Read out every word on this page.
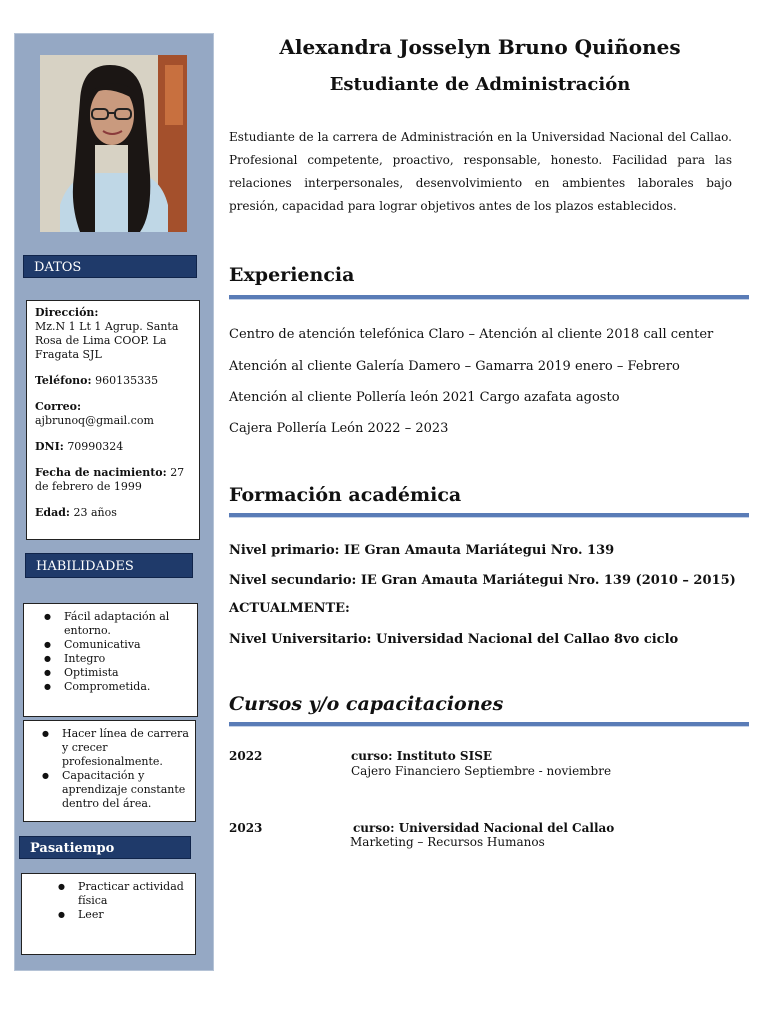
DATOS

Dirección:
Mz.N 1 Lt 1 Agrup. Santa Rosa de Lima COOP. La Fragata SJL

Teléfono: 960135335

Correo:
ajbrunoq@gmail.com

DNI: 70990324

Fecha de nacimiento: 27 de febrero de 1999

Edad: 23 años

HABILIDADES
● Fácil adaptación al entorno.
● Comunicativa
● Integro
● Optimista
● Comprometida.
● Hacer línea de carrera y crecer profesionalmente.
● Capacitación y aprendizaje constante dentro del área.
Pasatiempo
● Practicar actividad física
● Leer
Alexandra Josselyn Bruno Quiñones
Estudiante de Administración
Estudiante de la carrera de Administración en la Universidad Nacional del Callao. Profesional competente, proactivo, responsable, honesto. Facilidad para las relaciones interpersonales, desenvolvimiento en ambientes laborales bajo presión, capacidad para lograr objetivos antes de los plazos establecidos.
Experiencia
Centro de atención telefónica Claro – Atención al cliente 2018 call center
Atención al cliente Galería Damero – Gamarra 2019 enero – Febrero
Atención al cliente Pollería león 2021 Cargo azafata agosto
Cajera Pollería León 2022 – 2023
Formación académica
Nivel primario: IE Gran Amauta Mariátegui Nro. 139
Nivel secundario: IE Gran Amauta Mariátegui Nro. 139 (2010 – 2015)
ACTUALMENTE:
Nivel Universitario: Universidad Nacional del Callao 8vo ciclo
Cursos y/o capacitaciones
2022	curso: Instituto SISE
Cajero Financiero Septiembre - noviembre
2023	curso: Universidad Nacional del Callao
Marketing – Recursos Humanos
